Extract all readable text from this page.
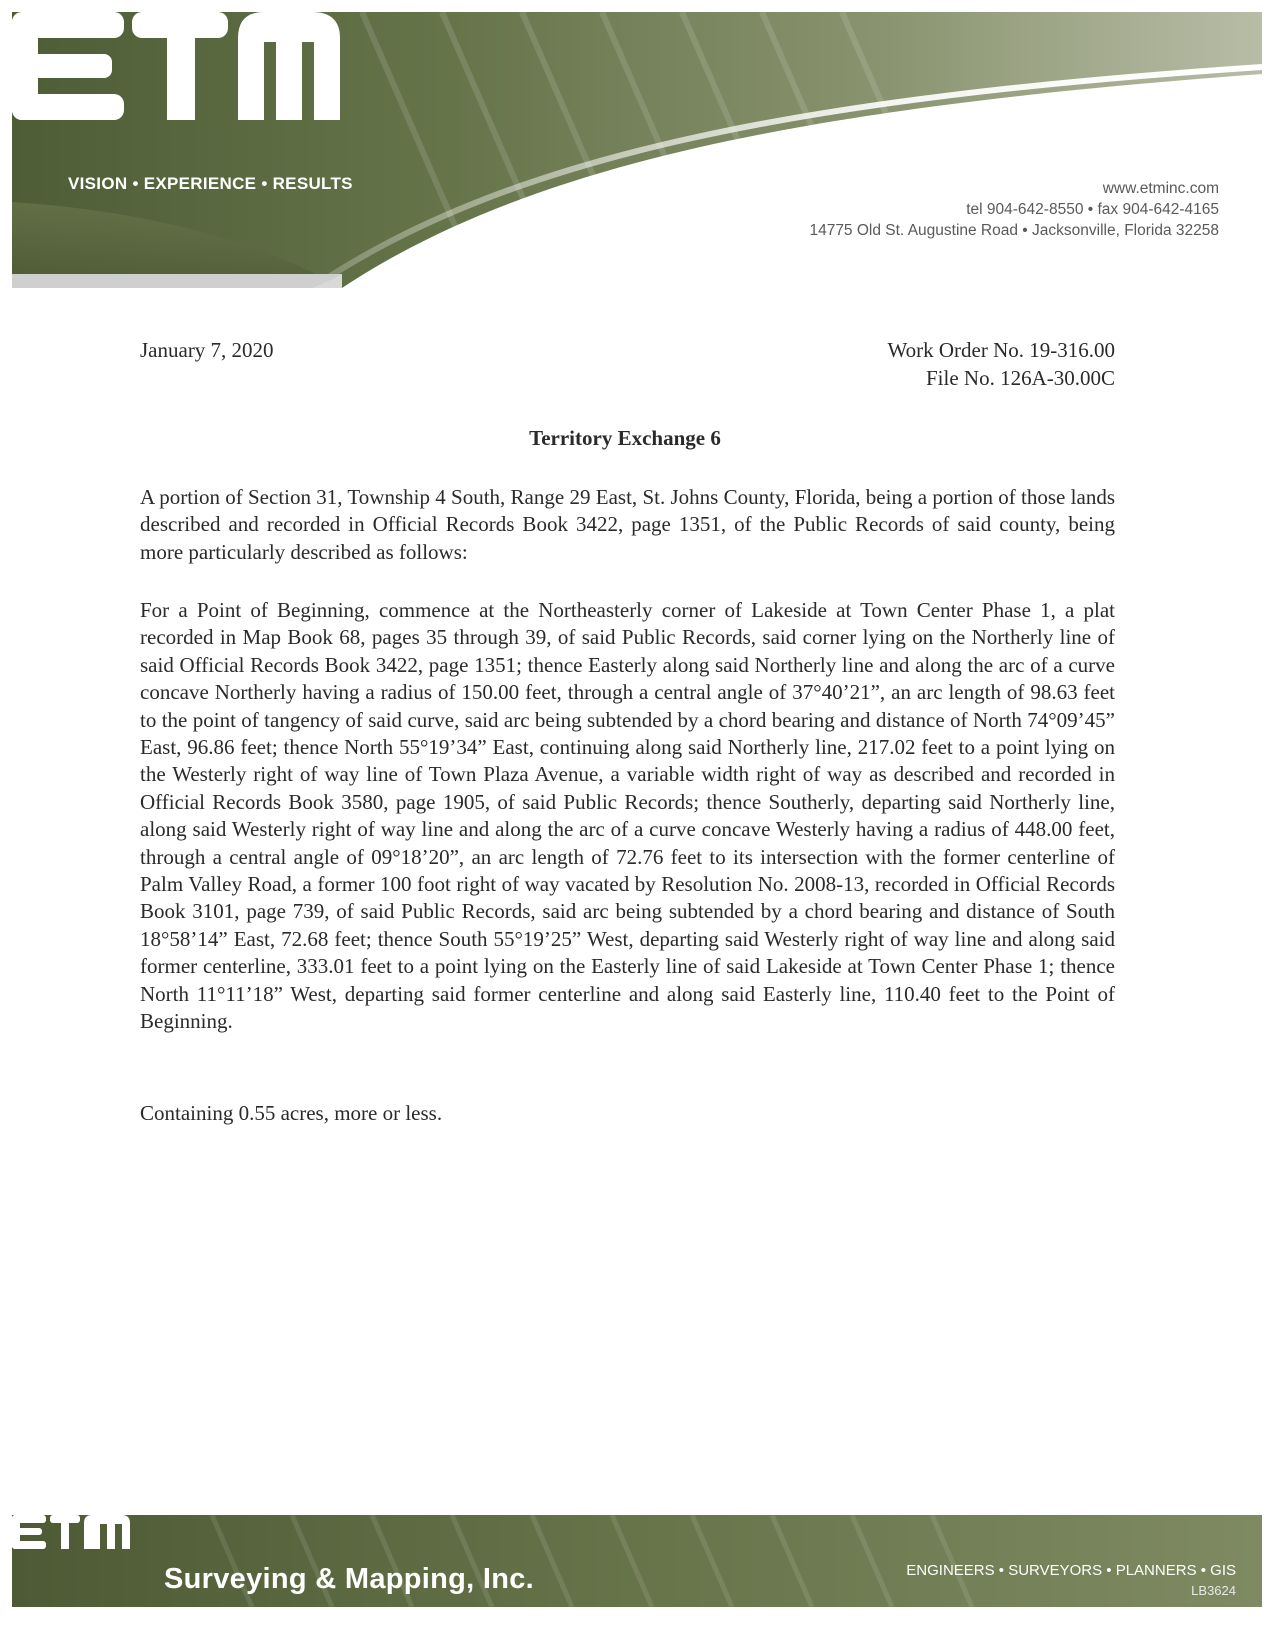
VISION • EXPERIENCE • RESULTS	www.etminc.com
tel 904-642-8550 • fax 904-642-4165
14775 Old St. Augustine Road • Jacksonville, Florida 32258
January 7, 2020	Work Order No. 19-316.00
File No. 126A-30.00C
Territory Exchange 6

A portion of Section 31, Township 4 South, Range 29 East, St. Johns County, Florida, being a portion of those lands described and recorded in Official Records Book 3422, page 1351, of the Public Records of said county, being more particularly described as follows:

For a Point of Beginning, commence at the Northeasterly corner of Lakeside at Town Center Phase 1, a plat recorded in Map Book 68, pages 35 through 39, of said Public Records, said corner lying on the Northerly line of said Official Records Book 3422, page 1351; thence Easterly along said Northerly line and along the arc of a curve concave Northerly having a radius of 150.00 feet, through a central angle of 37°40’21”, an arc length of 98.63 feet to the point of tangency of said curve, said arc being subtended by a chord bearing and distance of North 74°09’45” East, 96.86 feet; thence North 55°19’34” East, continuing along said Northerly line, 217.02 feet to a point lying on the Westerly right of way line of Town Plaza Avenue, a variable width right of way as described and recorded in Official Records Book 3580, page 1905, of said Public Records; thence Southerly, departing said Northerly line, along said Westerly right of way line and along the arc of a curve concave Westerly having a radius of 448.00 feet, through a central angle of 09°18’20”, an arc length of 72.76 feet to its intersection with the former centerline of Palm Valley Road, a former 100 foot right of way vacated by Resolution No. 2008-13, recorded in Official Records Book 3101, page 739, of said Public Records, said arc being subtended by a chord bearing and distance of South 18°58’14” East, 72.68 feet; thence South 55°19’25” West, departing said Westerly right of way line and along said former centerline, 333.01 feet to a point lying on the Easterly line of said Lakeside at Town Center Phase 1; thence North 11°11’18” West, departing said former centerline and along said Easterly line, 110.40 feet to the Point of Beginning.

Containing 0.55 acres, more or less.

Surveying & Mapping, Inc.	ENGINEERS • SURVEYORS • PLANNERS • GIS
LB3624
